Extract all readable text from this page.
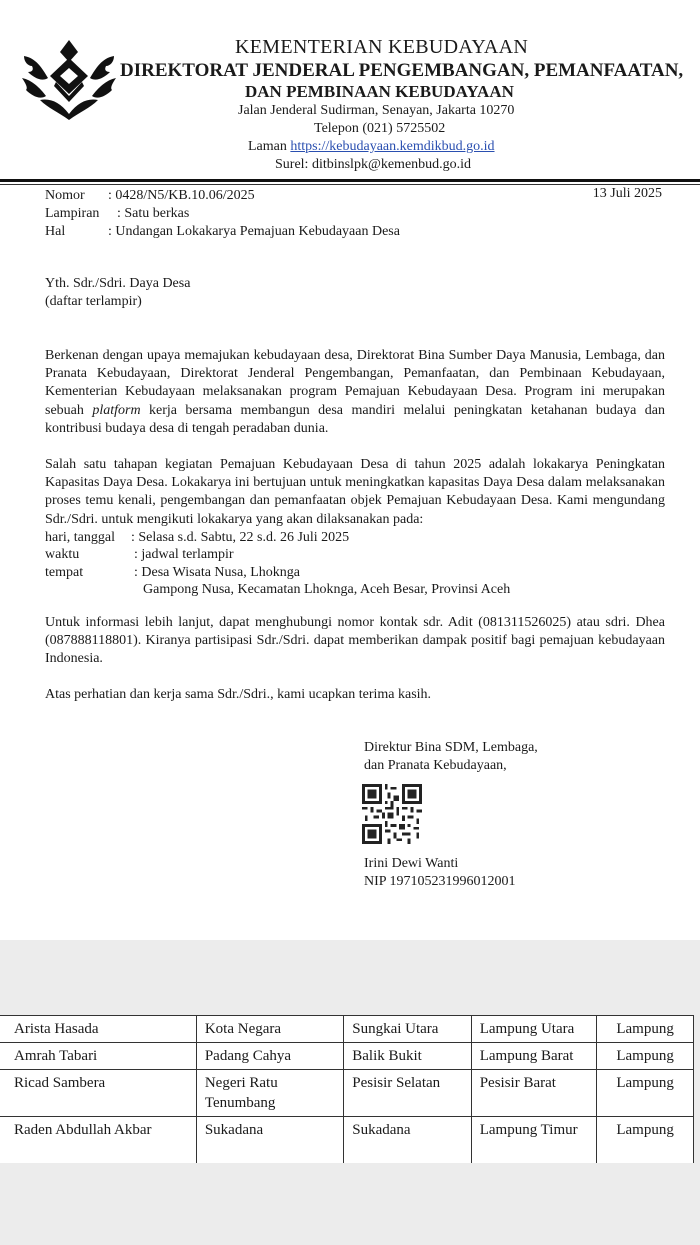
KEMENTERIAN KEBUDAYAAN
DIREKTORAT JENDERAL PENGEMBANGAN, PEMANFAATAN,
DAN PEMBINAAN KEBUDAYAAN
Jalan Jenderal Sudirman, Senayan, Jakarta 10270
Telepon (021) 5725502
Laman https://kebudayaan.kemdikbud.go.id
Surel: ditbinslpk@kemenbud.go.id
Nomor : 0428/N5/KB.10.06/2025
Lampiran : Satu berkas
Hal	: Undangan Lokakarya Pemajuan Kebudayaan Desa
13 Juli 2025
Yth. Sdr./Sdri. Daya Desa
(daftar terlampir)
Berkenan dengan upaya memajukan kebudayaan desa, Direktorat Bina Sumber Daya Manusia, Lembaga, dan Pranata Kebudayaan, Direktorat Jenderal Pengembangan, Pemanfaatan, dan Pembinaan Kebudayaan, Kementerian Kebudayaan melaksanakan program Pemajuan Kebudayaan Desa. Program ini merupakan sebuah platform kerja bersama membangun desa mandiri melalui peningkatan ketahanan budaya dan kontribusi budaya desa di tengah peradaban dunia.
Salah satu tahapan kegiatan Pemajuan Kebudayaan Desa di tahun 2025 adalah lokakarya Peningkatan Kapasitas Daya Desa. Lokakarya ini bertujuan untuk meningkatkan kapasitas Daya Desa dalam melaksanakan proses temu kenali, pengembangan dan pemanfaatan objek Pemajuan Kebudayaan Desa. Kami mengundang Sdr./Sdri. untuk mengikuti lokakarya yang akan dilaksanakan pada:
hari, tanggal : Selasa s.d. Sabtu, 22 s.d. 26 Juli 2025
waktu	: jadwal terlampir
tempat	: Desa Wisata Nusa, Lhoknga
Gampong Nusa, Kecamatan Lhoknga, Aceh Besar, Provinsi Aceh
Untuk informasi lebih lanjut, dapat menghubungi nomor kontak sdr. Adit (081311526025) atau sdri. Dhea (087888118801). Kiranya partisipasi Sdr./Sdri. dapat memberikan dampak positif bagi pemajuan kebudayaan Indonesia.
Atas perhatian dan kerja sama Sdr./Sdri., kami ucapkan terima kasih.
Direktur Bina SDM, Lembaga,
dan Pranata Kebudayaan,
Irini Dewi Wanti
NIP 197105231996012001
Arista Hasada	Kota Negara	Sungkai Utara	Lampung Utara	Lampung
Amrah Tabari	Padang Cahya	Balik Bukit	Lampung Barat	Lampung
Ricad Sambera	Negeri Ratu Tenumbang	Pesisir Selatan	Pesisir Barat	Lampung
Raden Abdullah Akbar	Sukadana	Sukadana	Lampung Timur	Lampung
